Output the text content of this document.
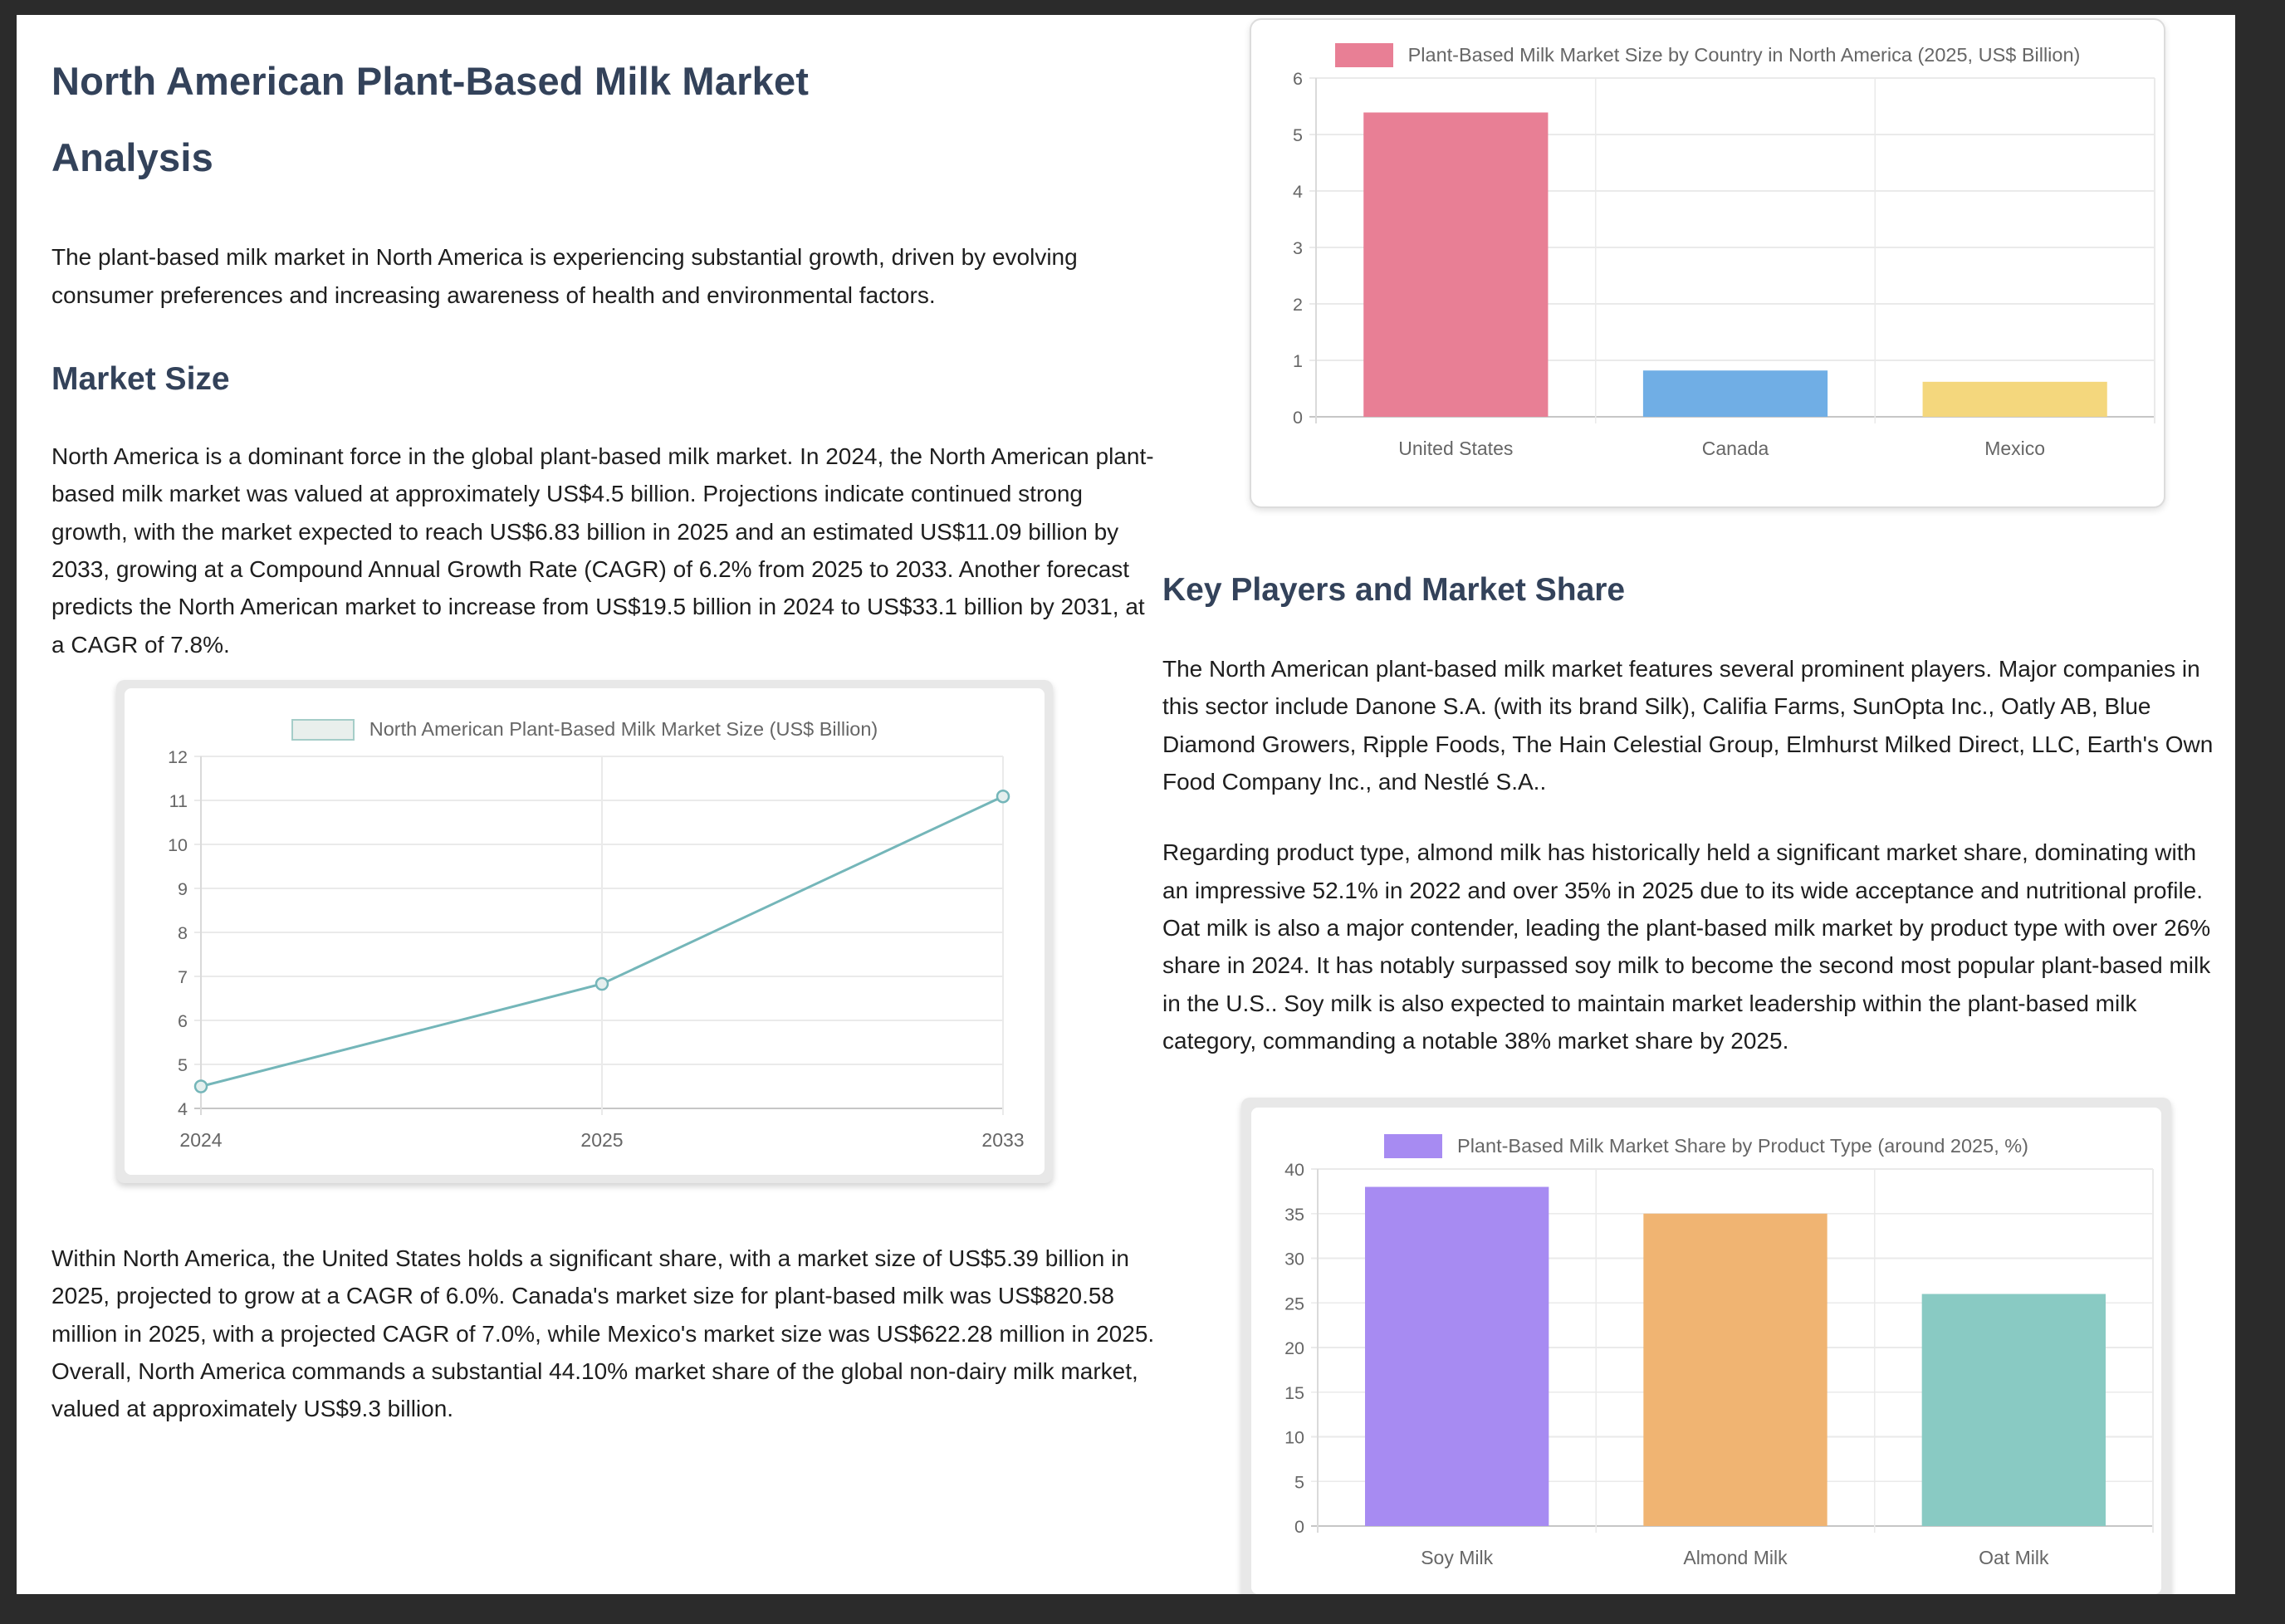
North American Plant-Based Milk Market Analysis

The plant-based milk market in North America is experiencing substantial growth, driven by evolving consumer preferences and increasing awareness of health and environmental factors.

Market Size

North America is a dominant force in the global plant-based milk market. In 2024, the North American plant-based milk market was valued at approximately US$4.5 billion. Projections indicate continued strong growth, with the market expected to reach US$6.83 billion in 2025 and an estimated US$11.09 billion by 2033, growing at a Compound Annual Growth Rate (CAGR) of 6.2% from 2025 to 2033. Another forecast predicts the North American market to increase from US$19.5 billion in 2024 to US$33.1 billion by 2031, at a CAGR of 7.8%.

North American Plant-Based Milk Market Size (US$ Billion)
4
5
6
7
8
9
10
11
12
2024	2025	2033

Within North America, the United States holds a significant share, with a market size of US$5.39 billion in 2025, projected to grow at a CAGR of 6.0%. Canada's market size for plant-based milk was US$820.58 million in 2025, with a projected CAGR of 7.0%, while Mexico's market size was US$622.28 million in 2025. Overall, North America commands a substantial 44.10% market share of the global non-dairy milk market, valued at approximately US$9.3 billion.

Plant-Based Milk Market Size by Country in North America (2025, US$ Billion)
0
1
2
3
4
5
6
United States	Canada	Mexico
Key Players and Market Share

The North American plant-based milk market features several prominent players. Major companies in this sector include Danone S.A. (with its brand Silk), Califia Farms, SunOpta Inc., Oatly AB, Blue Diamond Growers, Ripple Foods, The Hain Celestial Group, Elmhurst Milked Direct, LLC, Earth's Own Food Company Inc., and Nestlé S.A..

Regarding product type, almond milk has historically held a significant market share, dominating with an impressive 52.1% in 2022 and over 35% in 2025 due to its wide acceptance and nutritional profile. Oat milk is also a major contender, leading the plant-based milk market by product type with over 26% share in 2024. It has notably surpassed soy milk to become the second most popular plant-based milk in the U.S.. Soy milk is also expected to maintain market leadership within the plant-based milk category, commanding a notable 38% market share by 2025.

Plant-Based Milk Market Share by Product Type (around 2025, %)
0
5
10
15
20
25
30
35
40
Soy Milk	Almond Milk	Oat Milk
